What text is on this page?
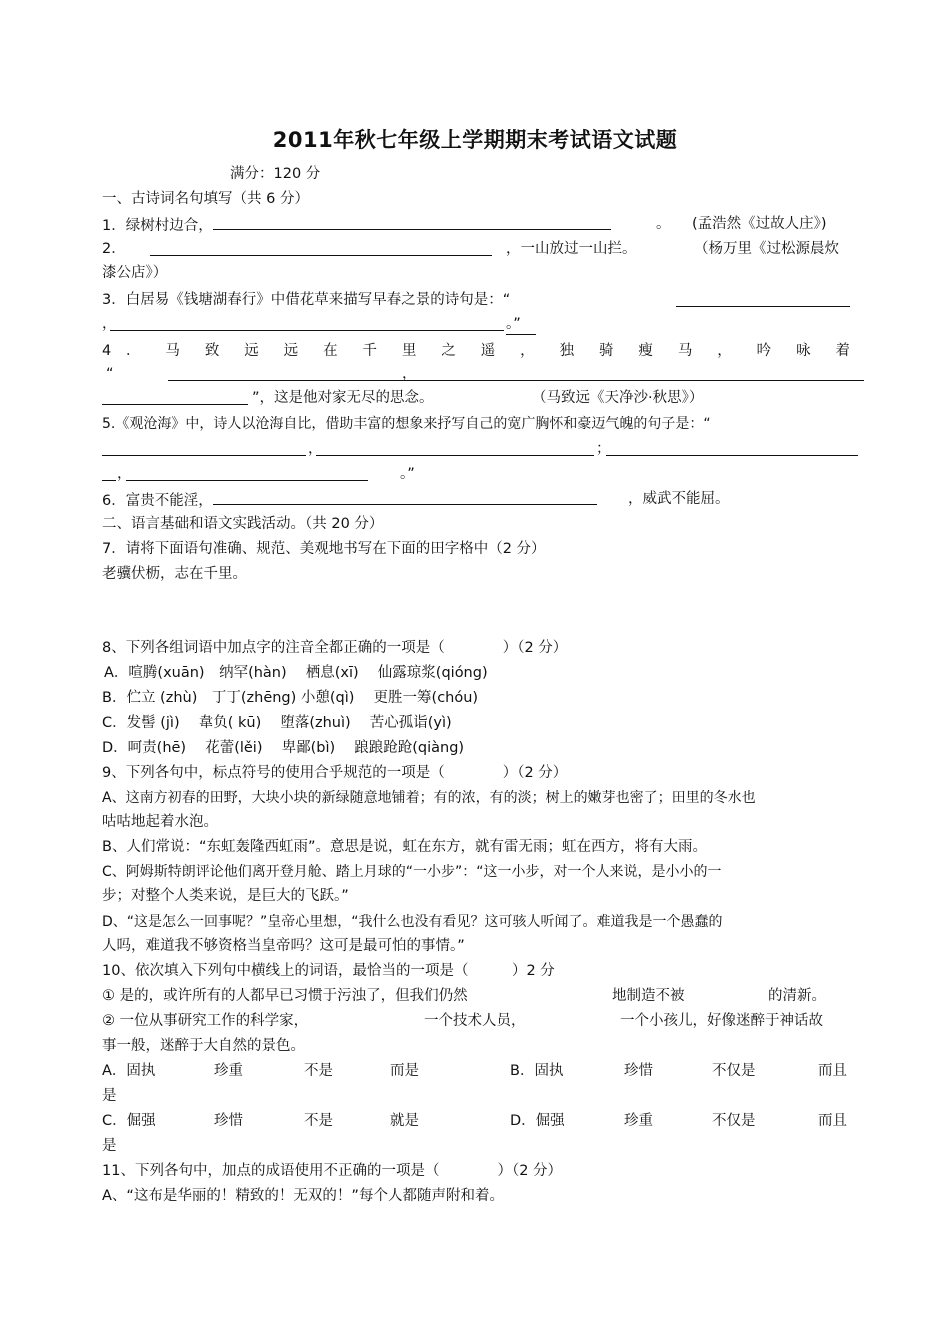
2011年秋七年级上学期期末考试语文试题
满分：120 分
一、古诗词名句填写（共 6 分）
1．绿树村边合，	。 (孟浩然《过故人庄》)
2．	，一山放过一山拦。	（杨万里《过松源晨炊
漆公店》）
3．白居易《钱塘湖春行》中借花草来描写早春之景的诗句是：“
，	。”
4 ． 马 致 远 远 在 千 里 之 遥 ， 独 骑 瘦 马 ， 吟 咏 着
“	，
”，这是他对家无尽的思念。	（马致远《天净沙·秋思》）
5.《观沧海》中，诗人以沧海自比，借助丰富的想象来抒写自己的宽广胸怀和豪迈气魄的句子是：“
，	；
，	。”
6．富贵不能淫，	，威武不能屈。
二、语言基础和语文实践活动。（共 20 分）
7．请将下面语句准确、规范、美观地书写在下面的田字格中（2 分）
老骥伏枥，志在千里。
8、下列各组词语中加点字的注音全都正确的一项是（　　　　）（2 分）
A．喧腾(xuān)　纳罕(hàn)　 栖息(xī)　 仙露琼浆(qióng)
B．伫立 (zhù)　丁丁(zhēng) 小憩(qì)　 更胜一筹(chóu)
C．发髻 (jì)　 韋负( kū)　 堕落(zhuì)　 苦心孤诣(yì)
D．呵责(hē)　 花蕾(lěi)　 卑鄙(bì)　 踉踉跄跄(qiàng)
9、下列各句中，标点符号的使用合乎规范的一项是（　　　　）（2 分）
A、这南方初春的田野，大块小块的新绿随意地铺着；有的浓，有的淡；树上的嫩芽也密了；田里的冬水也
咕咕地起着水泡。
B、人们常说：“东虹轰隆西虹雨”。意思是说，虹在东方，就有雷无雨；虹在西方，将有大雨。
C、阿姆斯特朗评论他们离开登月舱、踏上月球的“一小步”：“这一小步，对一个人来说，是小小的一
步；对整个人类来说，是巨大的飞跃。”
D、“这是怎么一回事呢？”皇帝心里想，“我什么也没有看见？这可骇人听闻了。难道我是一个愚蠢的
人吗，难道我不够资格当皇帝吗？这可是最可怕的事情。”
10、依次填入下列句中横线上的词语，最恰当的一项是（　　　）2 分
① 是的，或许所有的人都早已习惯于污浊了，但我们仍然	地制造不被	的清新。
② 一位从事研究工作的科学家，	一个技术人员，	一个小孩儿，好像迷醉于神话故
事一般，迷醉于大自然的景色。
A．固执	珍重	不是	而是	B．固执	珍惜	不仅是	而且
是
C．倔强	珍惜	不是	就是	D．倔强	珍重	不仅是	而且
是
11、下列各句中，加点的成语使用不正确的一项是（　　　　）（2 分）
A、“这布是华丽的！精致的！无双的！”每个人都随声附和着。
